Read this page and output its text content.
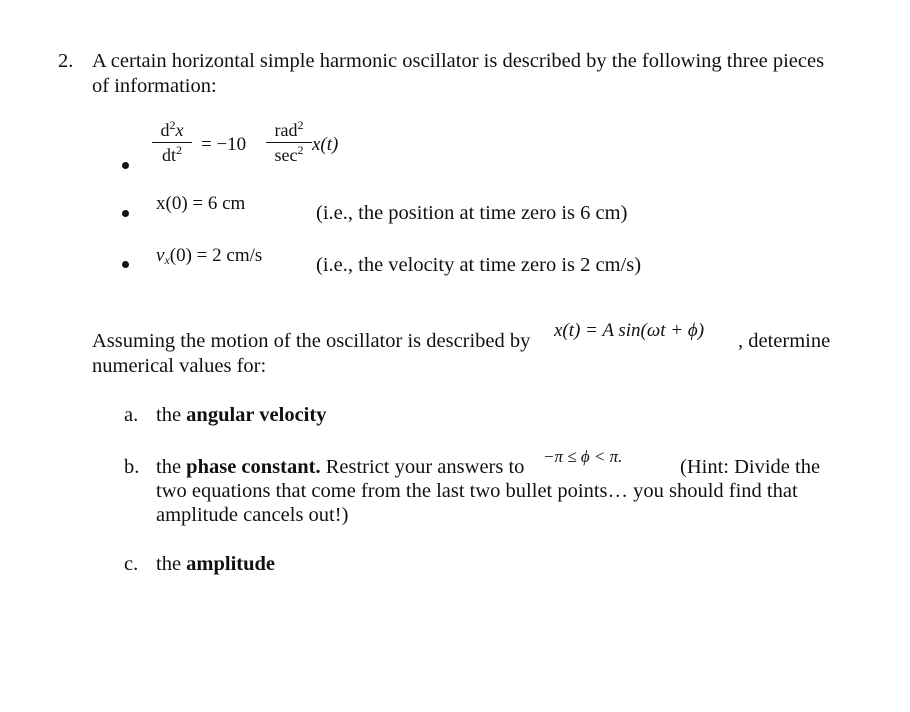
2. A certain horizontal simple harmonic oscillator is described by the following three pieces
of information:
$d^2x$
$dt^2$	= −10
rad$^2$
$\sec^2 x(t)$
x(0) = 6 cm	(i.e., the position at time zero is 6 cm)
$v_x(0) = 2$ cm/s	(i.e., the velocity at time zero is 2 cm/s)
Assuming the motion of the oscillator is described by x(t) = A sin(ωt + ϕ) , determine
numerical values for:
a. the angular velocity
b. the phase constant. Restrict your answers to −π ≤ ϕ < π.	(Hint: Divide the
two equations that come from the last two bullet points… you should find that
amplitude cancels out!)
c. the amplitude
